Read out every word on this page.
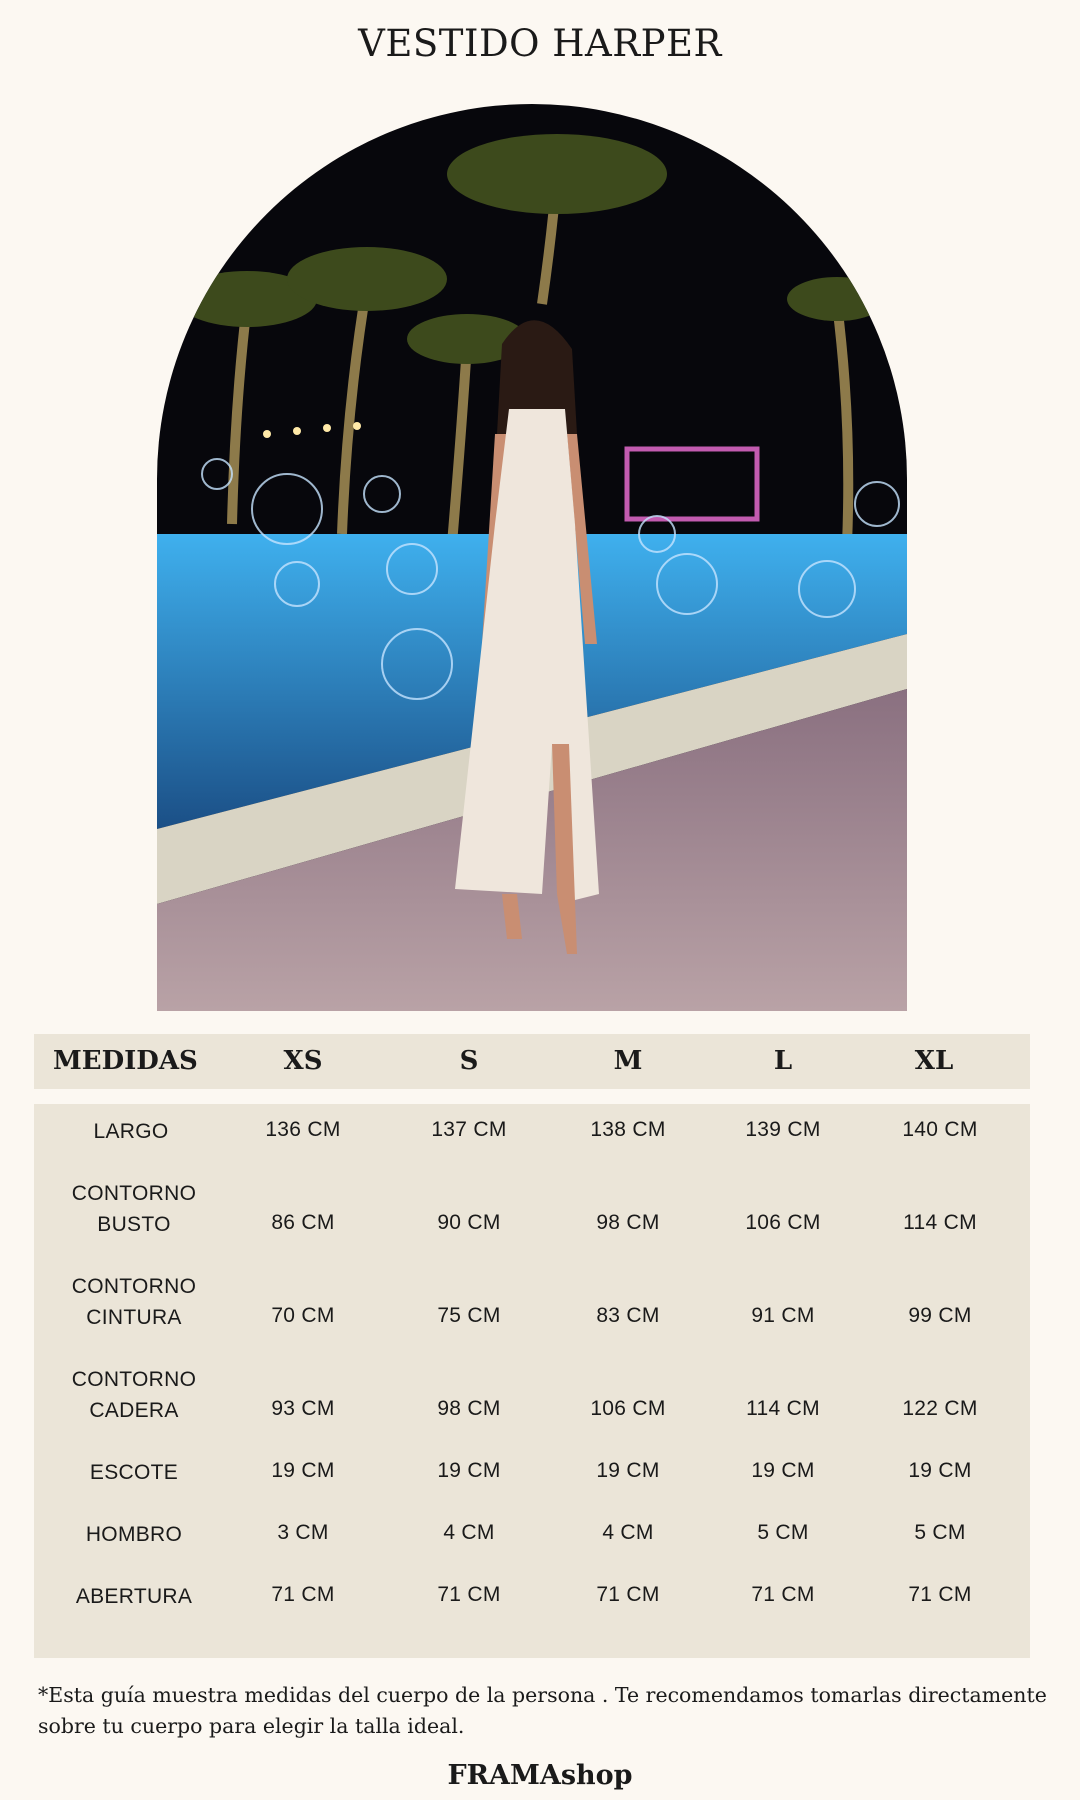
VESTIDO HARPER
MEDIDAS	XS	S	M	L	XL
LARGO	136 CM	137 CM	138 CM	139 CM	140 CM
CONTORNO BUSTO	86 CM	90 CM	98 CM	106 CM	114 CM
CONTORNO CINTURA	70 CM	75 CM	83 CM	91 CM	99 CM
CONTORNO CADERA	93 CM	98 CM	106 CM	114 CM	122 CM
ESCOTE	19 CM	19 CM	19 CM	19 CM	19 CM
HOMBRO	3 CM	4 CM	4 CM	5 CM	5 CM
ABERTURA	71 CM	71 CM	71 CM	71 CM	71 CM

*Esta guía muestra medidas del cuerpo de la persona . Te recomendamos tomarlas directamente sobre tu cuerpo para elegir la talla ideal.

FRAMAshop
